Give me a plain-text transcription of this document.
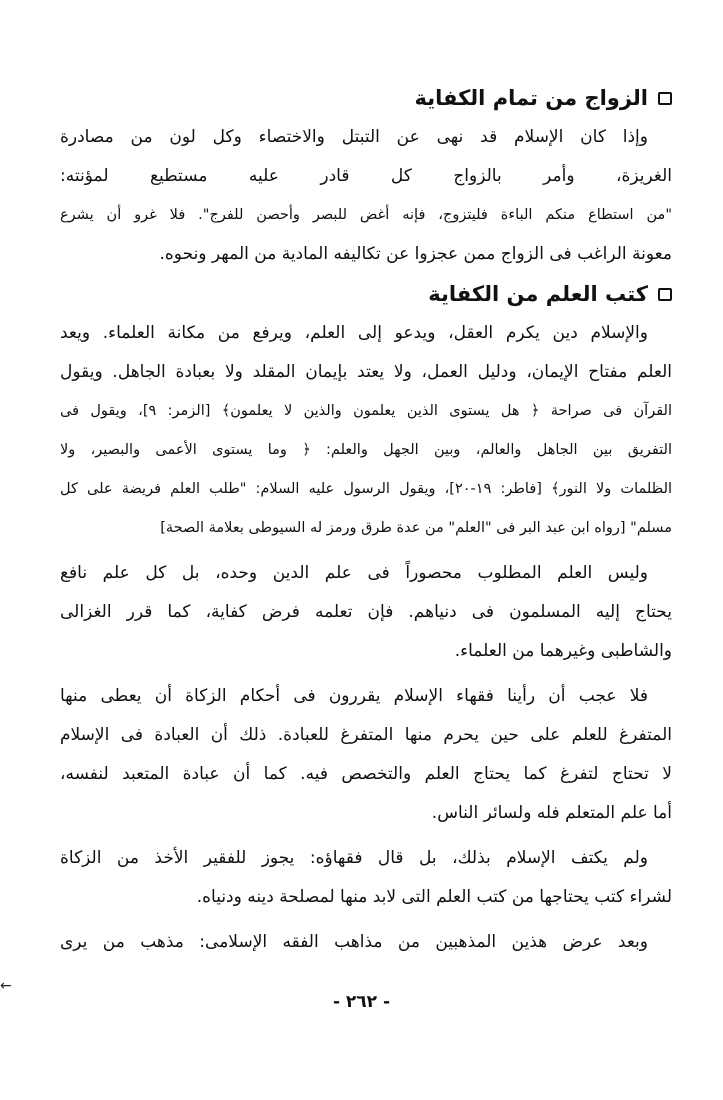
الزواج من تمام الكفاية
وإذا كان الإسلام قد نهى عن التبتل والاختصاء وكل لون من مصادرة
الغريزة، وأمر بالزواج كل قادر عليه مستطيع لمؤنته:
"من استطاع منكم الباءة فليتزوج، فإنه أغض للبصر وأحصن للفرج". فلا غرو أن يشرع
معونة الراغب فى الزواج ممن عجزوا عن تكاليفه المادية من المهر ونحوه.
كتب العلم من الكفاية
والإسلام دين يكرم العقل، ويدعو إلى العلم، ويرفع من مكانة العلماء. ويعد
العلم مفتاح الإيمان، ودليل العمل، ولا يعتد بإيمان المقلد ولا بعبادة الجاهل. ويقول
القرآن فى صراحة ﴿ هل يستوى الذين يعلمون والذين لا يعلمون﴾ [الزمر: ٩]، ويقول فى
التفريق بين الجاهل والعالم، وبين الجهل والعلم: ﴿ وما يستوى الأعمى والبصير، ولا
الظلمات ولا النور﴾ [فاطر: ١٩-٢٠]، ويقول الرسول عليه السلام: "طلب العلم فريضة على كل
مسلم" [رواه ابن عبد البر فى "العلم" من عدة طرق ورمز له السيوطى بعلامة الصحة]
وليس العلم المطلوب محصوراً فى علم الدين وحده، بل كل علم نافع
يحتاج إليه المسلمون فى دنياهم. فإن تعلمه فرض كفاية، كما قرر الغزالى
والشاطبى وغيرهما من العلماء.
فلا عجب أن رأينا فقهاء الإسلام يقررون فى أحكام الزكاة أن يعطى منها
المتفرغ للعلم على حين يحرم منها المتفرغ للعبادة. ذلك أن العبادة فى الإسلام
لا تحتاج لتفرغ كما يحتاج العلم والتخصص فيه. كما أن عبادة المتعبد لنفسه،
أما علم المتعلم فله ولسائر الناس.
ولم يكتف الإسلام بذلك، بل قال فقهاؤه: يجوز للفقير الأخذ من الزكاة
لشراء كتب يحتاجها من كتب العلم التى لابد منها لمصلحة دينه ودنياه.
وبعد عرض هذين المذهبين من مذاهب الفقه الإسلامى: مذهب من يرى
←
- ٢٦٢ -
